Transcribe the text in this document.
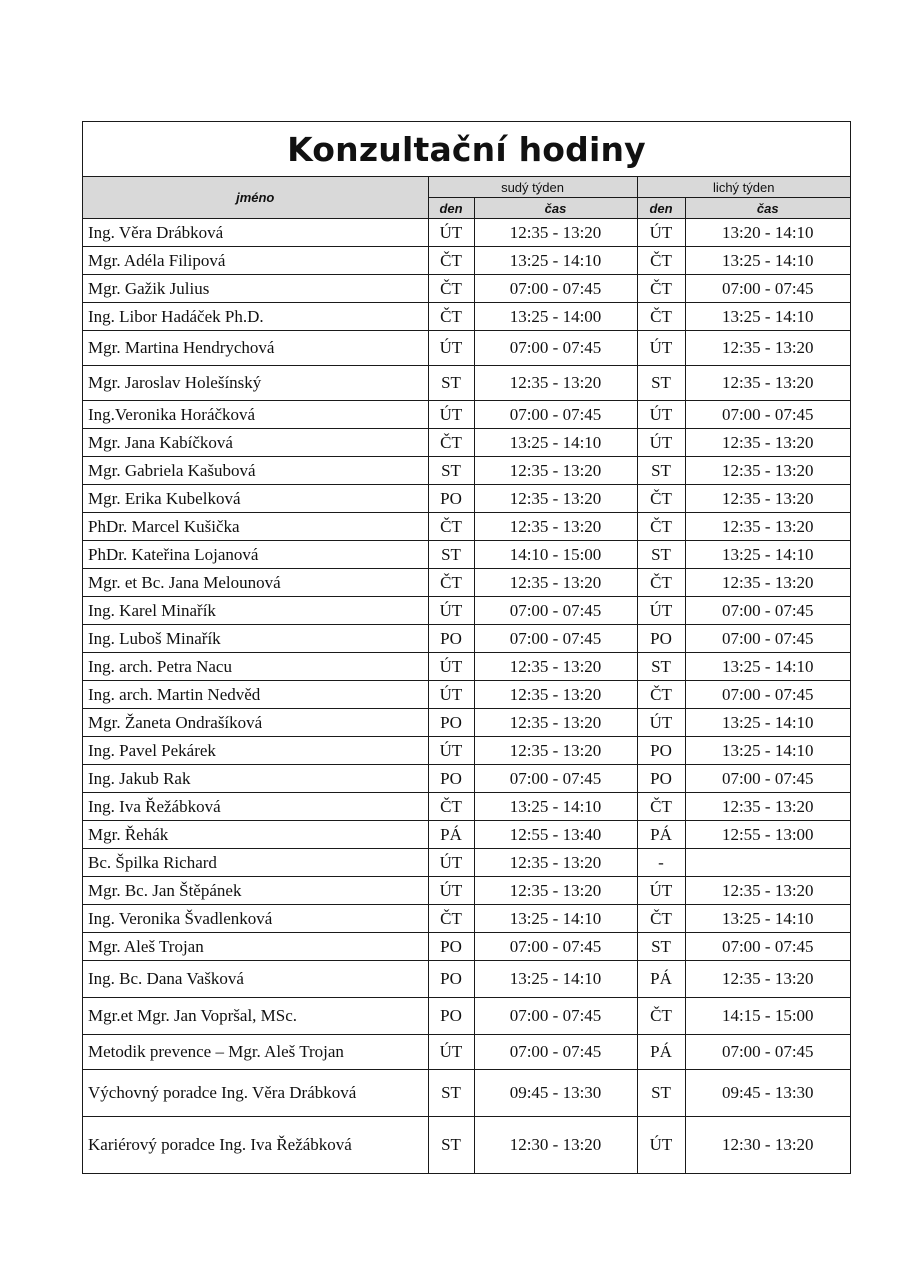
Konzultační hodiny
jméno	sudý týden		lichý týden	
	den	čas	den	čas
Ing. Věra Drábková	ÚT	12:35 - 13:20	ÚT	13:20 - 14:10
Mgr. Adéla Filipová	ČT	13:25 - 14:10	ČT	13:25 - 14:10
Mgr. Gažik Julius	ČT	07:00 - 07:45	ČT	07:00 - 07:45
Ing. Libor Hadáček Ph.D.	ČT	13:25 - 14:00	ČT	13:25 - 14:10
Mgr. Martina Hendrychová	ÚT	07:00 - 07:45	ÚT	12:35 - 13:20
Mgr. Jaroslav Holešínský	ST	12:35 - 13:20	ST	12:35 - 13:20
Ing.Veronika Horáčková	ÚT	07:00 - 07:45	ÚT	07:00 - 07:45
Mgr. Jana Kabíčková	ČT	13:25 - 14:10	ÚT	12:35 - 13:20
Mgr. Gabriela Kašubová	ST	12:35 - 13:20	ST	12:35 - 13:20
Mgr. Erika Kubelková	PO	12:35 - 13:20	ČT	12:35 - 13:20
PhDr. Marcel Kušička	ČT	12:35 - 13:20	ČT	12:35 - 13:20
PhDr. Kateřina Lojanová	ST	14:10 - 15:00	ST	13:25 - 14:10
Mgr. et Bc. Jana Melounová	ČT	12:35 - 13:20	ČT	12:35 - 13:20
Ing. Karel Minařík	ÚT	07:00 - 07:45	ÚT	07:00 - 07:45
Ing. Luboš Minařík	PO	07:00 - 07:45	PO	07:00 - 07:45
Ing. arch. Petra Nacu	ÚT	12:35 - 13:20	ST	13:25 - 14:10
Ing. arch. Martin Nedvěd	ÚT	12:35 - 13:20	ČT	07:00 - 07:45
Mgr. Žaneta Ondrašíková	PO	12:35 - 13:20	ÚT	13:25 - 14:10
Ing. Pavel Pekárek	ÚT	12:35 - 13:20	PO	13:25 - 14:10
Ing. Jakub Rak	PO	07:00 - 07:45	PO	07:00 - 07:45
Ing. Iva Řežábková	ČT	13:25 - 14:10	ČT	12:35 - 13:20
Mgr. Řehák	PÁ	12:55 - 13:40	PÁ	12:55 - 13:00
Bc. Špilka Richard	ÚT	12:35 - 13:20	-	
Mgr. Bc. Jan Štěpánek	ÚT	12:35 - 13:20	ÚT	12:35 - 13:20
Ing. Veronika Švadlenková	ČT	13:25 - 14:10	ČT	13:25 - 14:10
Mgr. Aleš Trojan	PO	07:00 - 07:45	ST	07:00 - 07:45
Ing. Bc. Dana Vašková	PO	13:25 - 14:10	PÁ	12:35 - 13:20
Mgr.et Mgr. Jan Vopršal, MSc.	PO	07:00 - 07:45	ČT	14:15 - 15:00
Metodik prevence – Mgr. Aleš Trojan	ÚT	07:00 - 07:45	PÁ	07:00 - 07:45
Výchovný poradce Ing. Věra Drábková	ST	09:45 - 13:30	ST	09:45 - 13:30
Kariérový poradce Ing. Iva Řežábková	ST	12:30 - 13:20	ÚT	12:30 - 13:20
